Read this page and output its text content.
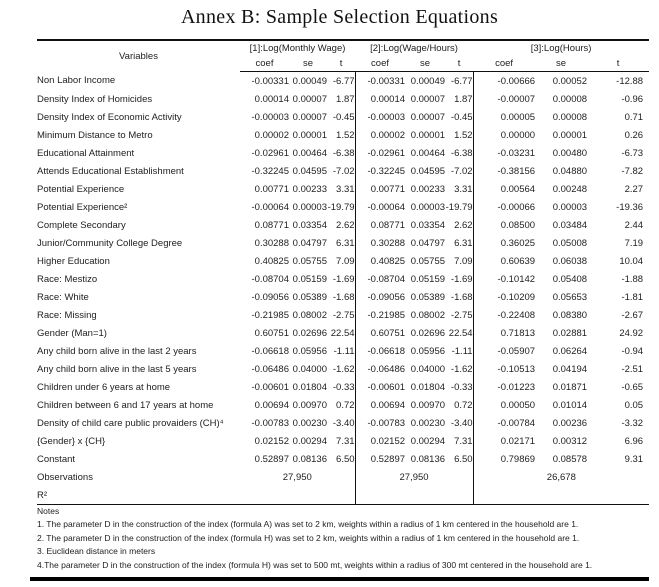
Annex B: Sample Selection Equations
Variables	[1]:Log(Monthly Wage)			[2]:Log(Wage/Hours)			[3]:Log(Hours)		
	coef	se	t	coef	se	t	coef	se	t
Non Labor Income	-0.00331	0.00049	-6.77	-0.00331	0.00049	-6.77	-0.00666	0.00052	-12.88
Density Index of Homicides	0.00014	0.00007	1.87	0.00014	0.00007	1.87	-0.00007	0.00008	-0.96
Density Index of Economic Activity	-0.00003	0.00007	-0.45	-0.00003	0.00007	-0.45	0.00005	0.00008	0.71
Minimum Distance to Metro	0.00002	0.00001	1.52	0.00002	0.00001	1.52	0.00000	0.00001	0.26
Educational Attainment	-0.02961	0.00464	-6.38	-0.02961	0.00464	-6.38	-0.03231	0.00480	-6.73
Attends Educational Establishment	-0.32245	0.04595	-7.02	-0.32245	0.04595	-7.02	-0.38156	0.04880	-7.82
Potential Experience	0.00771	0.00233	3.31	0.00771	0.00233	3.31	0.00564	0.00248	2.27
Potential Experience²	-0.00064	0.00003	-19.79	-0.00064	0.00003	-19.79	-0.00066	0.00003	-19.36
Complete Secondary	0.08771	0.03354	2.62	0.08771	0.03354	2.62	0.08500	0.03484	2.44
Junior/Community College Degree	0.30288	0.04797	6.31	0.30288	0.04797	6.31	0.36025	0.05008	7.19
Higher Education	0.40825	0.05755	7.09	0.40825	0.05755	7.09	0.60639	0.06038	10.04
Race: Mestizo	-0.08704	0.05159	-1.69	-0.08704	0.05159	-1.69	-0.10142	0.05408	-1.88
Race: White	-0.09056	0.05389	-1.68	-0.09056	0.05389	-1.68	-0.10209	0.05653	-1.81
Race: Missing	-0.21985	0.08002	-2.75	-0.21985	0.08002	-2.75	-0.22408	0.08380	-2.67
Gender (Man=1)	0.60751	0.02696	22.54	0.60751	0.02696	22.54	0.71813	0.02881	24.92
Any child born alive in the last 2 years	-0.06618	0.05956	-1.11	-0.06618	0.05956	-1.11	-0.05907	0.06264	-0.94
Any child born alive in the last 5 years	-0.06486	0.04000	-1.62	-0.06486	0.04000	-1.62	-0.10513	0.04194	-2.51
Children under 6 years at home	-0.00601	0.01804	-0.33	-0.00601	0.01804	-0.33	-0.01223	0.01871	-0.65
Children between 6 and 17 years at home	0.00694	0.00970	0.72	0.00694	0.00970	0.72	0.00050	0.01014	0.05
Density of child care public provaiders (CH)⁴	-0.00783	0.00230	-3.40	-0.00783	0.00230	-3.40	-0.00784	0.00236	-3.32
{Gender} x {CH}	0.02152	0.00294	7.31	0.02152	0.00294	7.31	0.02171	0.00312	6.96
Constant	0.52897	0.08136	6.50	0.52897	0.08136	6.50	0.79869	0.08578	9.31
Observations	27,950			27,950			26,678		
R²									
Notes
1. The parameter D in the construction of the index (formula A) was set to 2 km, weights within a radius of 1 km centered in the household are 1.
2. The parameter D in the construction of the index (formula H) was set to 2 km, weights within a radius of 1 km centered in the household are 1.
3. Euclidean distance in meters
4.The parameter D in the construction of the index (formula H) was set to 500 mt, weights within a radius of 300 mt centered in the household are 1.
